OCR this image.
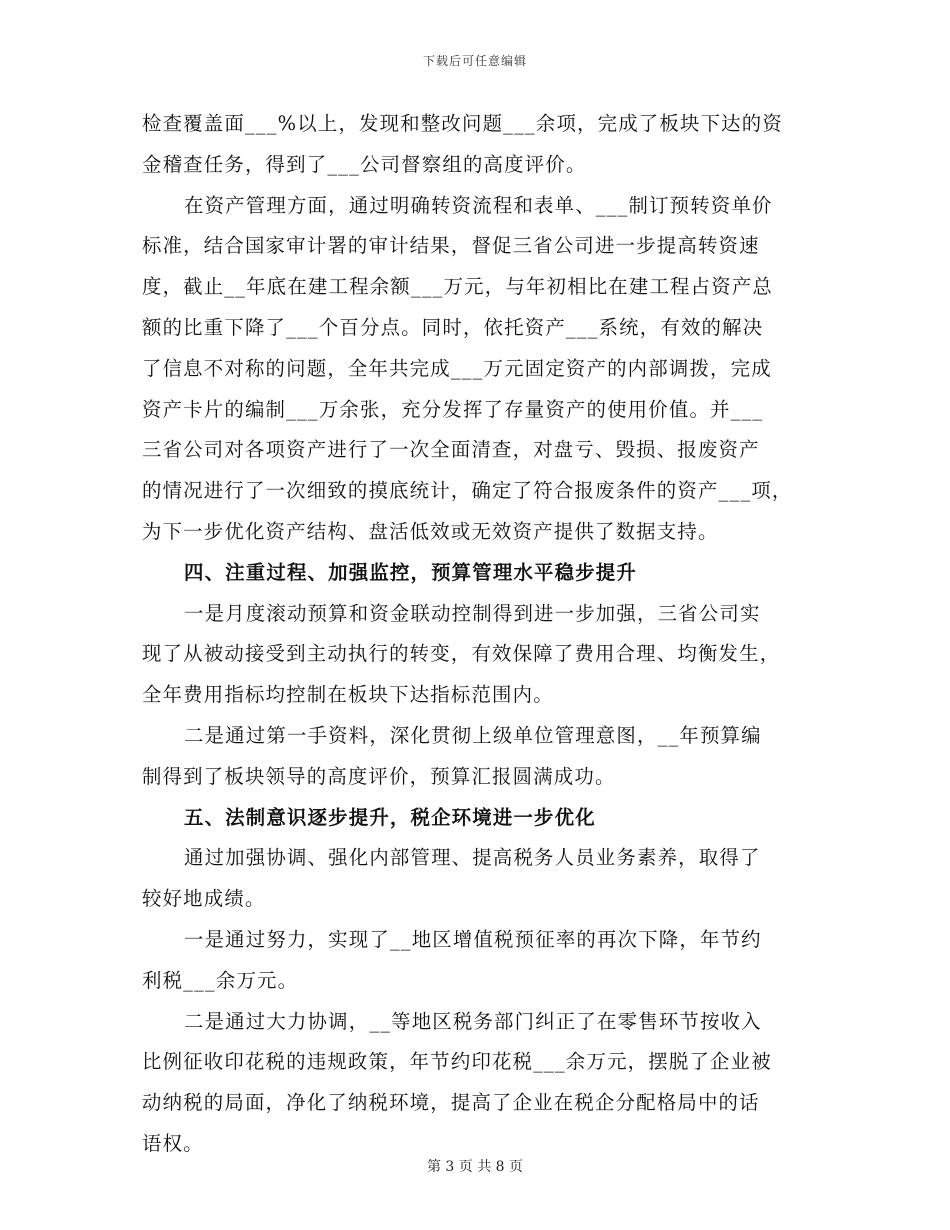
下载后可任意编辑
检查覆盖面___%以上，发现和整改问题___余项，完成了板块下达的资
金稽查任务，得到了___公司督察组的高度评价。
在资产管理方面，通过明确转资流程和表单、___制订预转资单价
标准，结合国家审计署的审计结果，督促三省公司进一步提高转资速
度，截止__年底在建工程余额___万元，与年初相比在建工程占资产总
额的比重下降了___个百分点。同时，依托资产___系统，有效的解决
了信息不对称的问题，全年共完成___万元固定资产的内部调拨，完成
资产卡片的编制___万余张，充分发挥了存量资产的使用价值。并___
三省公司对各项资产进行了一次全面清查，对盘亏、毁损、报废资产
的情况进行了一次细致的摸底统计，确定了符合报废条件的资产___项，
为下一步优化资产结构、盘活低效或无效资产提供了数据支持。
四、注重过程、加强监控，预算管理水平稳步提升
一是月度滚动预算和资金联动控制得到进一步加强，三省公司实
现了从被动接受到主动执行的转变，有效保障了费用合理、均衡发生，
全年费用指标均控制在板块下达指标范围内。
二是通过第一手资料，深化贯彻上级单位管理意图，__年预算编
制得到了板块领导的高度评价，预算汇报圆满成功。
五、法制意识逐步提升，税企环境进一步优化
通过加强协调、强化内部管理、提高税务人员业务素养，取得了
较好地成绩。
一是通过努力，实现了__地区增值税预征率的再次下降，年节约
利税___余万元。
二是通过大力协调，__等地区税务部门纠正了在零售环节按收入
比例征收印花税的违规政策，年节约印花税___余万元，摆脱了企业被
动纳税的局面，净化了纳税环境，提高了企业在税企分配格局中的话
语权。
第 3 页 共 8 页
